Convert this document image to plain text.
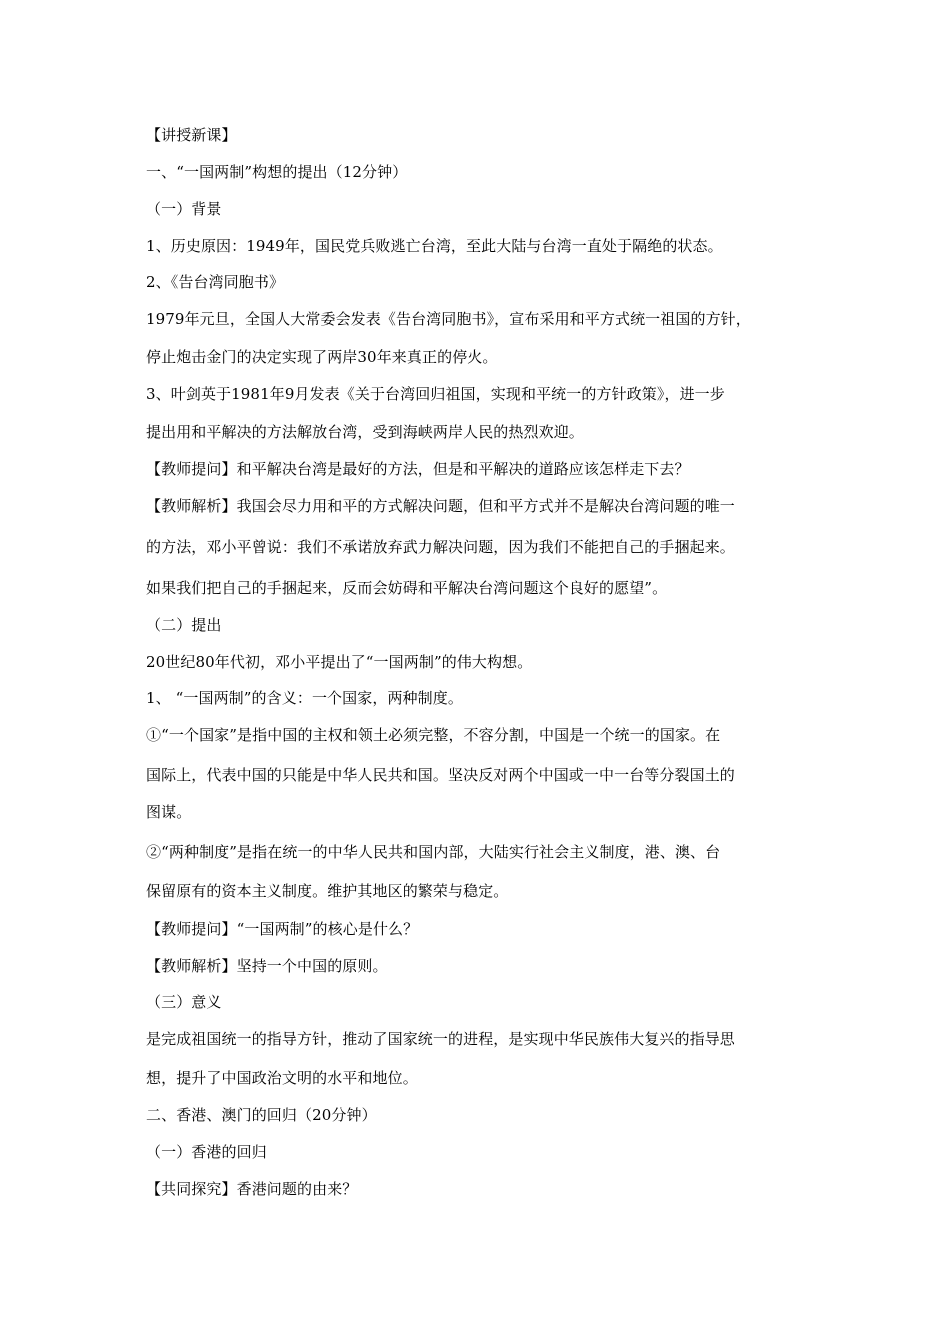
【讲授新课】
一、“一国两制”构想的提出（12分钟）
（一）背景
1、历史原因：1949年，国民党兵败逃亡台湾，至此大陆与台湾一直处于隔绝的状态。
2、《告台湾同胞书》
1979年元旦，全国人大常委会发表《告台湾同胞书》，宣布采用和平方式统一祖国的方针，
停止炮击金门的决定实现了两岸30年来真正的停火。
3、叶剑英于1981年9月发表《关于台湾回归祖国，实现和平统一的方针政策》，进一步
提出用和平解决的方法解放台湾，受到海峡两岸人民的热烈欢迎。
【教师提问】和平解决台湾是最好的方法，但是和平解决的道路应该怎样走下去？
【教师解析】我国会尽力用和平的方式解决问题，但和平方式并不是解决台湾问题的唯一
的方法，邓小平曾说：我们不承诺放弃武力解决问题，因为我们不能把自己的手捆起来。
如果我们把自己的手捆起来，反而会妨碍和平解决台湾问题这个良好的愿望”。
（二）提出
20世纪80年代初，邓小平提出了“一国两制”的伟大构想。
1、 “一国两制”的含义：一个国家，两种制度。
①“一个国家”是指中国的主权和领土必须完整，不容分割，中国是一个统一的国家。在
国际上，代表中国的只能是中华人民共和国。坚决反对两个中国或一中一台等分裂国土的
图谋。
②“两种制度”是指在统一的中华人民共和国内部，大陆实行社会主义制度，港、澳、台
保留原有的资本主义制度。维护其地区的繁荣与稳定。
【教师提问】“一国两制”的核心是什么？
【教师解析】坚持一个中国的原则。
（三）意义
是完成祖国统一的指导方针，推动了国家统一的进程，是实现中华民族伟大复兴的指导思
想，提升了中国政治文明的水平和地位。
二、香港、澳门的回归（20分钟）
（一）香港的回归
【共同探究】香港问题的由来？
